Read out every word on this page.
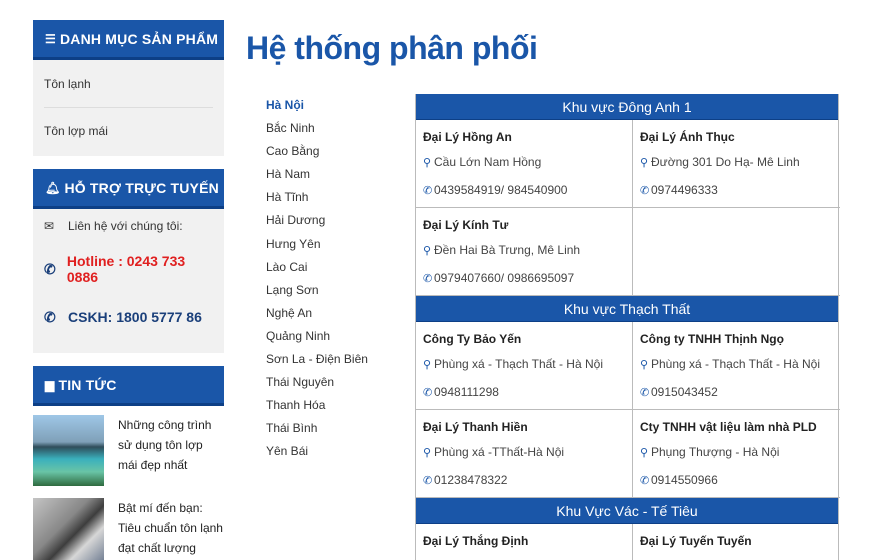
☰ DANH MỤC SẢN PHẨM
Tôn lạnh
Tôn lợp mái
🔔︎ HỖ TRỢ TRỰC TUYẾN
✉	Liên hệ với chúng tôi:
✆ Hotline : 0243 733 0886
✆ CSKH: 1800 5777 86
▆ TIN TỨC
Những công trình sử dụng tôn lợp mái đẹp nhất
Bật mí đến bạn: Tiêu chuẩn tôn lạnh đạt chất lượng
Hệ thống phân phối
Hà Nội
Bắc Ninh
Cao Bằng
Hà Nam
Hà Tĩnh
Hải Dương
Hưng Yên
Lào Cai
Lạng Sơn
Nghệ An
Quảng Ninh
Sơn La - Điện Biên
Thái Nguyên
Thanh Hóa
Thái Bình
Yên Bái
Khu vực Đông Anh 1
Đại Lý Hồng An
⚲ Cầu Lớn Nam Hồng
✆ 0439584919/ 984540900
Đại Lý Ánh Thục
⚲ Đường 301 Do Hạ- Mê Linh
✆ 0974496333
Đại Lý Kính Tư
⚲ Đền Hai Bà Trưng, Mê Linh
✆ 0979407660/ 0986695097
Khu vực Thạch Thất
Công Ty Bảo Yến
⚲ Phùng xá - Thạch Thất - Hà Nội
✆ 0948111298
Công ty TNHH Thịnh Ngọ
⚲ Phùng xá - Thạch Thất - Hà Nội
✆ 0915043452
Đại Lý Thanh Hiền
⚲ Phùng xá -TThất-Hà Nội
✆ 01238478322
Cty TNHH vật liệu làm nhà PLD
⚲ Phụng Thượng - Hà Nội
✆ 0914550966
Khu Vực Vác - Tế Tiêu
Đại Lý Thắng Định	Đại Lý Tuyến Tuyến
